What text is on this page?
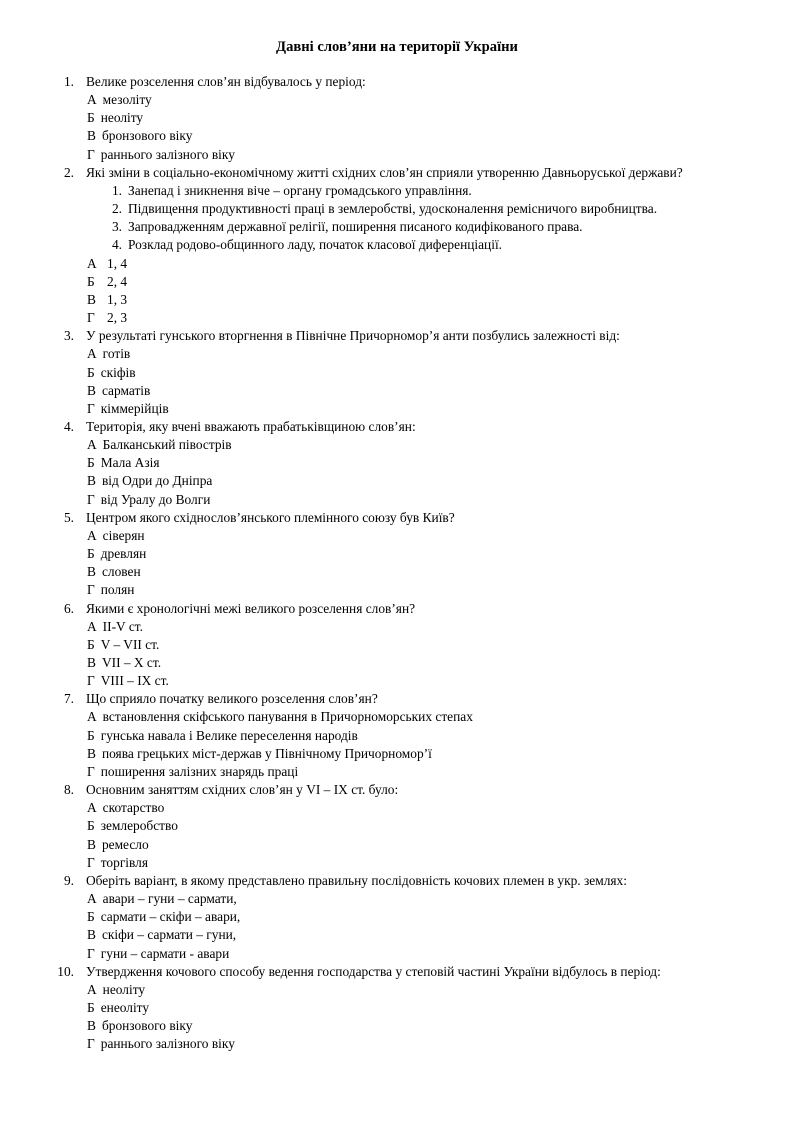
Давні слов’яни на території України
1. Велике розселення слов’ян відбувалось у період:
А мезоліту
Б неоліту
В бронзового віку
Г раннього залізного віку
2. Які зміни в соціально-економічному житті східних слов’ян сприяли утворенню Давньоруської держави?
1. Занепад і зникнення віче – органу громадського управління.
2. Підвищення продуктивності праці в землеробстві, удосконалення ремісничого виробництва.
3. Запровадженням державної релігії, поширення писаного кодифікованого права.
4. Розклад родово-общинного ладу, початок класової диференціації.
А 1, 4
Б 2, 4
В 1, 3
Г 2, 3
3. У результаті гунського вторгнення в Північне Причорномор’я анти позбулись залежності від:
А готів
Б скіфів
В сарматів
Г кіммерійців
4. Територія, яку вчені вважають прабатьківщиною слов’ян:
А Балканський півострів
Б Мала Азія
В від Одри до Дніпра
Г від Уралу до Волги
5. Центром якого східнослов’янського племінного союзу був Київ?
А сіверян
Б древлян
В словен
Г полян
6. Якими є хронологічні межі великого розселення слов’ян?
А II-V ст.
Б V – VII ст.
В VII – X ст.
Г VIII – IX ст.
7. Що сприяло початку великого розселення слов’ян?
А встановлення скіфського панування в Причорноморських степах
Б гунська навала і Велике переселення народів
В поява грецьких міст-держав у Північному Причорномор’ї
Г поширення залізних знарядь праці
8. Основним заняттям східних слов’ян у VI – IX ст. було:
А скотарство
Б землеробство
В ремесло
Г торгівля
9. Оберіть варіант, в якому представлено правильну послідовність кочових племен в укр. землях:
А авари – гуни – сармати,
Б сармати – скіфи – авари,
В скіфи – сармати – гуни,
Г гуни – сармати - авари
10. Утвердження кочового способу ведення господарства у степовій частині України відбулось в період:
А неоліту
Б енеоліту
В бронзового віку
Г раннього залізного віку
